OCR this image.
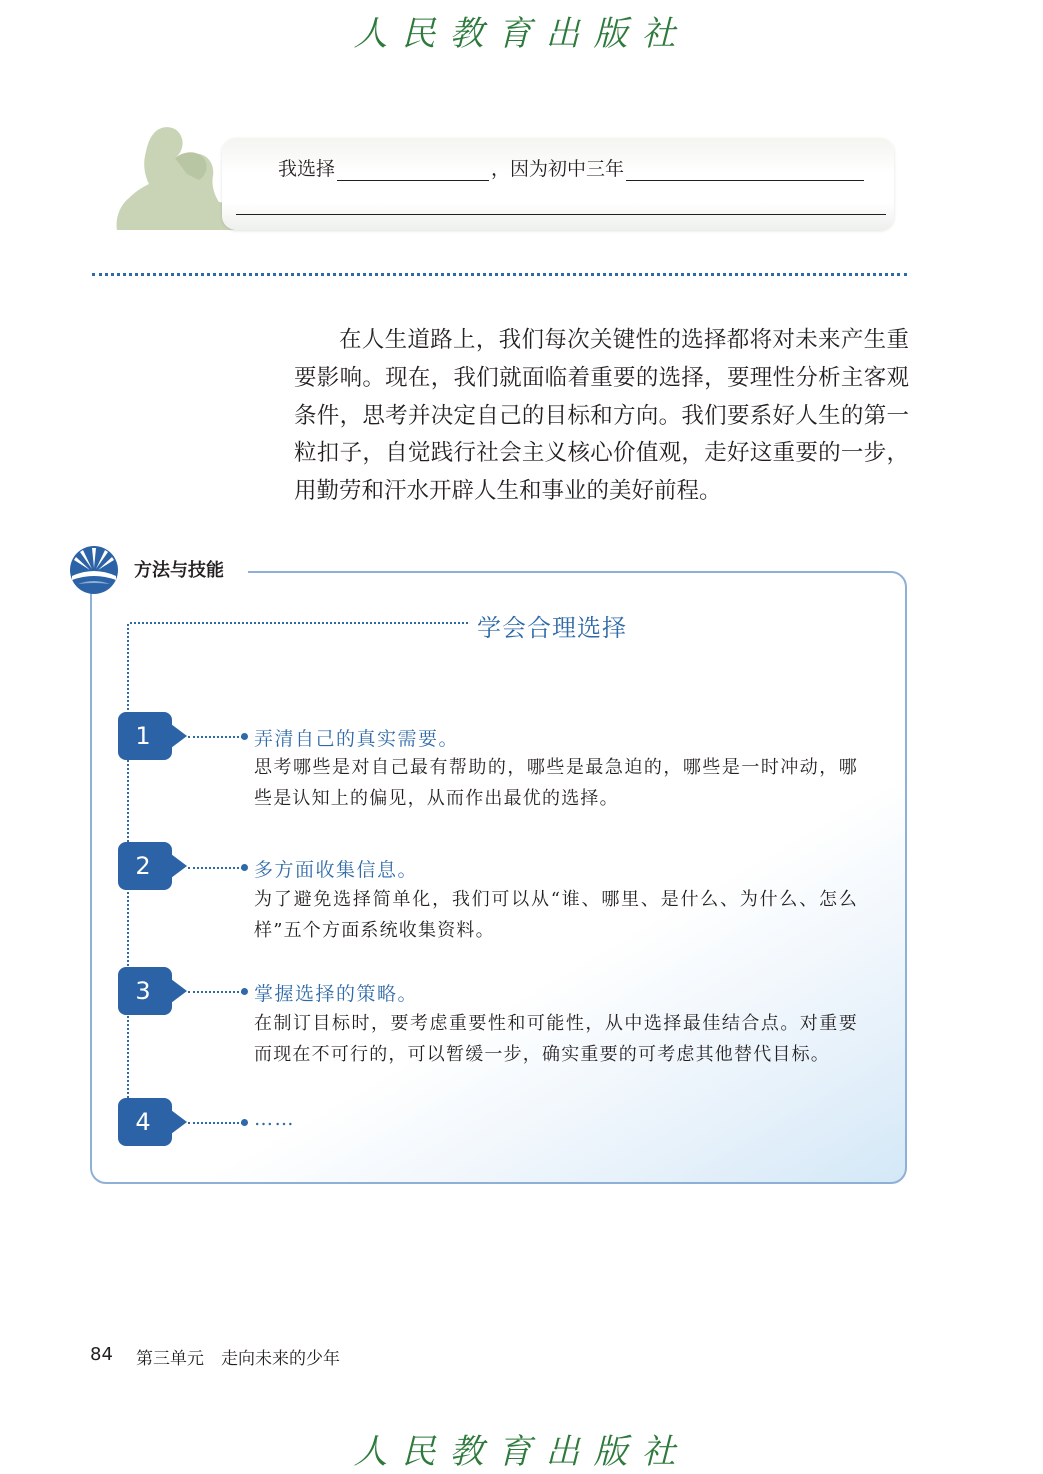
人民教育出版社
我选择	，因为初中三年

在人生道路上，我们每次关键性的选择都将对未来产生重要影响。现在，我们就面临着重要的选择，要理性分析主客观条件，思考并决定自己的目标和方向。我们要系好人生的第一粒扣子，自觉践行社会主义核心价值观，走好这重要的一步，用勤劳和汗水开辟人生和事业的美好前程。

方法与技能
学会合理选择
1	弄清自己的真实需要。
思考哪些是对自己最有帮助的，哪些是最急迫的，哪些是一时冲动，哪些是认知上的偏见，从而作出最优的选择。
2	多方面收集信息。
为了避免选择简单化，我们可以从“谁、哪里、是什么、为什么、怎么样”五个方面系统收集资料。
3	掌握选择的策略。
在制订目标时，要考虑重要性和可能性，从中选择最佳结合点。对重要而现在不可行的，可以暂缓一步，确实重要的可考虑其他替代目标。
4	……
84 第三单元　走向未来的少年
人民教育出版社
